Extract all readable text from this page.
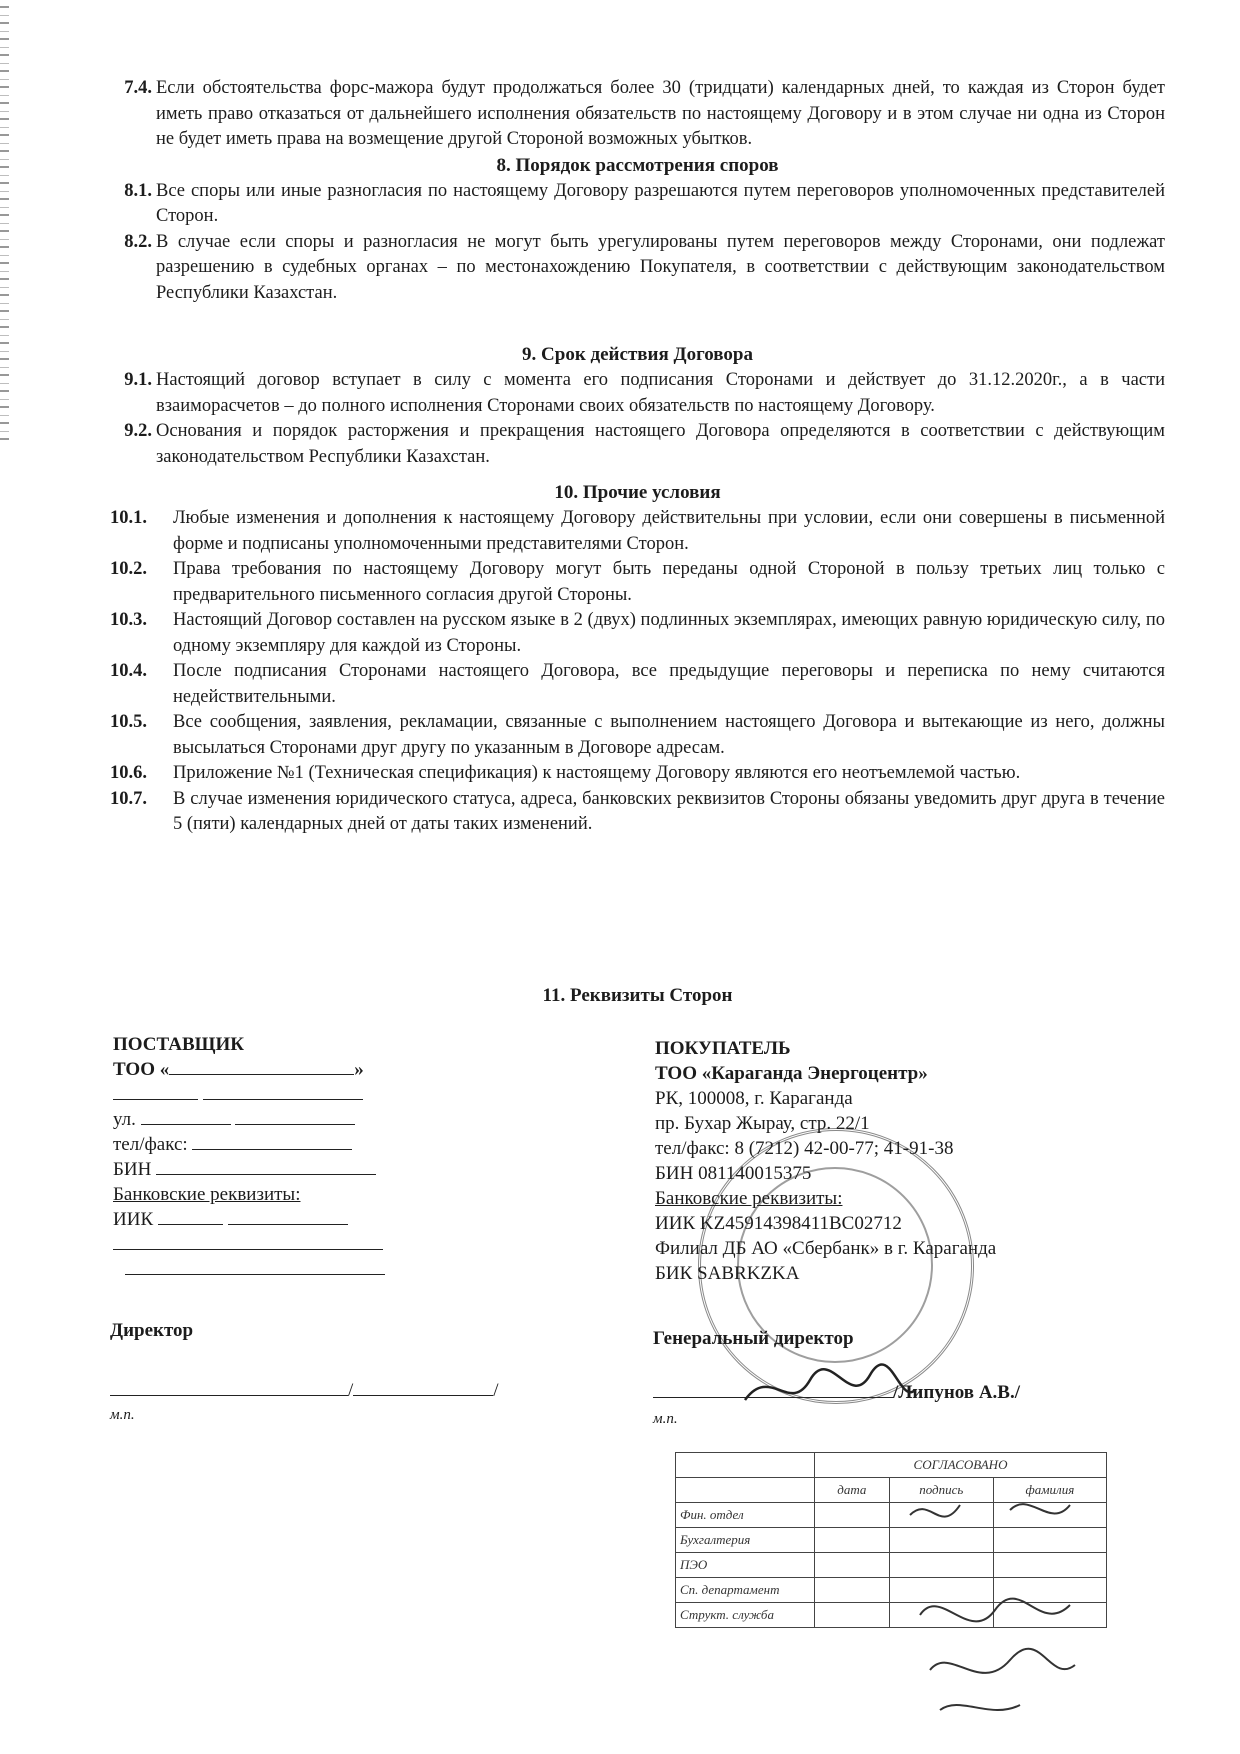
7.4. Если обстоятельства форс-мажора будут продолжаться более 30 (тридцати) календарных дней, то каждая из Сторон будет иметь право отказаться от дальнейшего исполнения обязательств по настоящему Договору и в этом случае ни одна из Сторон не будет иметь права на возмещение другой Стороной возможных убытков.
8. Порядок рассмотрения споров
8.1. Все споры или иные разногласия по настоящему Договору разрешаются путем переговоров уполномоченных представителей Сторон.
8.2. В случае если споры и разногласия не могут быть урегулированы путем переговоров между Сторонами, они подлежат разрешению в судебных органах – по местонахождению Покупателя, в соответствии с действующим законодательством Республики Казахстан.
9. Срок действия Договора
9.1. Настоящий договор вступает в силу с момента его подписания Сторонами и действует до 31.12.2020г., а в части взаиморасчетов – до полного исполнения Сторонами своих обязательств по настоящему Договору.
9.2. Основания и порядок расторжения и прекращения настоящего Договора определяются в соответствии с действующим законодательством Республики Казахстан.
10. Прочие условия
10.1.	Любые изменения и дополнения к настоящему Договору действительны при условии, если они совершены в письменной форме и подписаны уполномоченными представителями Сторон.
10.2.	Права требования по настоящему Договору могут быть переданы одной Стороной в пользу третьих лиц только с предварительного письменного согласия другой Стороны.
10.3.	Настоящий Договор составлен на русском языке в 2 (двух) подлинных экземплярах, имеющих равную юридическую силу, по одному экземпляру для каждой из Стороны.
10.4.	После подписания Сторонами настоящего Договора, все предыдущие переговоры и переписка по нему считаются недействительными.
10.5.	Все сообщения, заявления, рекламации, связанные с выполнением настоящего Договора и вытекающие из него, должны высылаться Сторонами друг другу по указанным в Договоре адресам.
10.6.	Приложение №1 (Техническая спецификация) к настоящему Договору являются его неотъемлемой частью.
10.7.	В случае изменения юридического статуса, адреса, банковских реквизитов Стороны обязаны уведомить друг друга в течение 5 (пяти) календарных дней от даты таких изменений.
11. Реквизиты Сторон
ПОСТАВЩИК
ТОО «	»

ул.
тел/факс:
БИН
Банковские реквизиты:
ИИК
Директор
/	/
м.п.
ПОКУПАТЕЛЬ
ТОО «Караганда Энергоцентр»
РК, 100008, г. Караганда
пр. Бухар Жырау, стр. 22/1
тел/факс: 8 (7212) 42-00-77; 41-91-38
БИН 081140015375
Банковские реквизиты:
ИИК KZ45914398411BC02712
Филиал ДБ АО «Сбербанк» в г. Караганда
БИК SABRKZKA
Генеральный директор
/Липунов А.В./
м.п.
	СОГЛАСОВАНО		
	дата	подпись	фамилия
Фин. отдел			
Бухгалтерия			
ПЭО			
Сп. департамент			
Структ. служба			
